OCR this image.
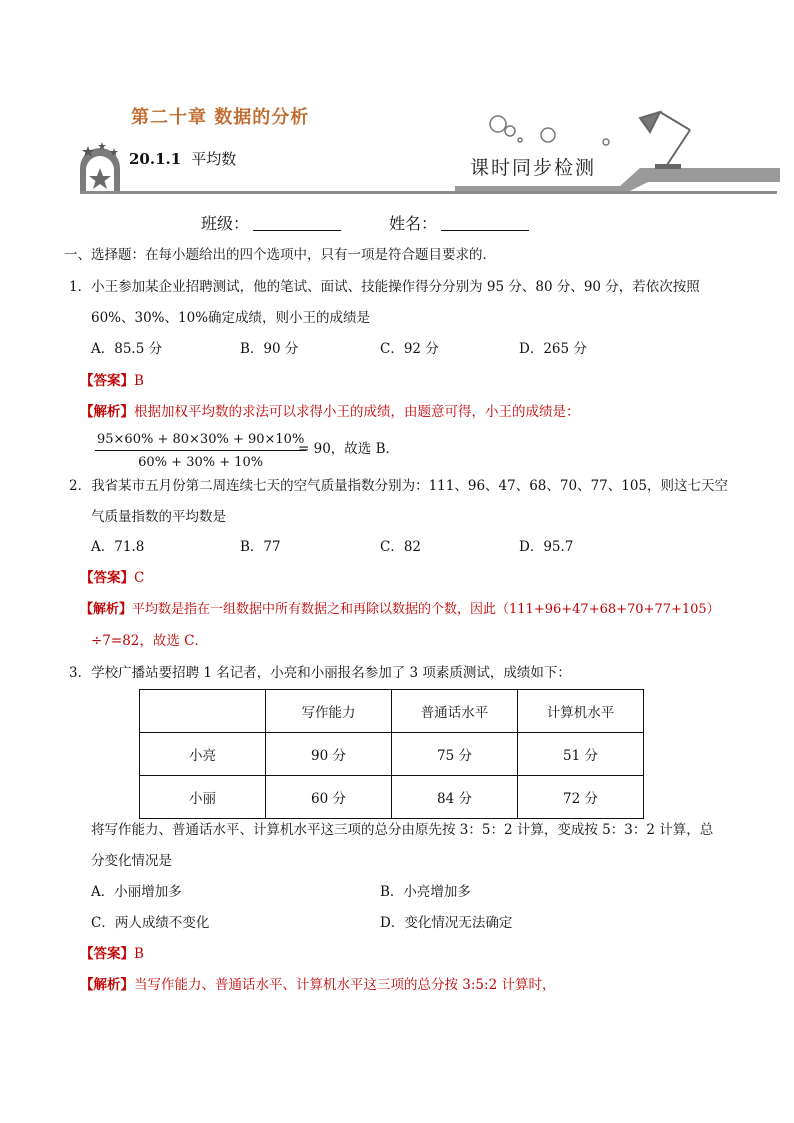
第二十章 数据的分析
20.1.1 平均数	课时同步检测
班级：	姓名：
一、选择题：在每小题给出的四个选项中，只有一项是符合题目要求的．
1．小王参加某企业招聘测试，他的笔试、面试、技能操作得分分别为 95 分、80 分、90 分，若依次按照
60%、30%、10%确定成绩，则小王的成绩是
A．85.5 分	B．90 分	C．92 分	D．265 分
【答案】B
【解析】根据加权平均数的求法可以求得小王的成绩，由题意可得，小王的成绩是：
$\frac{95\times 60\% + 80\times 30\% + 90\times 10\%}{60\% + 30\% + 10\%}$
= 90，故选 B．
2．我省某市五月份第二周连续七天的空气质量指数分别为：111、96、47、68、70、77、105，则这七天空
气质量指数的平均数是
A．71.8	B．77	C．82	D．95.7
【答案】C
【解析】平均数是指在一组数据中所有数据之和再除以数据的个数，因此（111+96+47+68+70+77+105）
÷7=82，故选 C．
3．学校广播站要招聘 1 名记者，小亮和小丽报名参加了 3 项素质测试，成绩如下：
	写作能力	普通话水平	计算机水平
小亮	90 分	75 分	51 分
小丽	60 分	84 分	72 分
将写作能力、普通话水平、计算机水平这三项的总分由原先按 3：5：2 计算，变成按 5：3：2 计算，总
分变化情况是
A．小丽增加多	B．小亮增加多
C．两人成绩不变化	D．变化情况无法确定
【答案】B
【解析】当写作能力、普通话水平、计算机水平这三项的总分按 3:5:2 计算时，
